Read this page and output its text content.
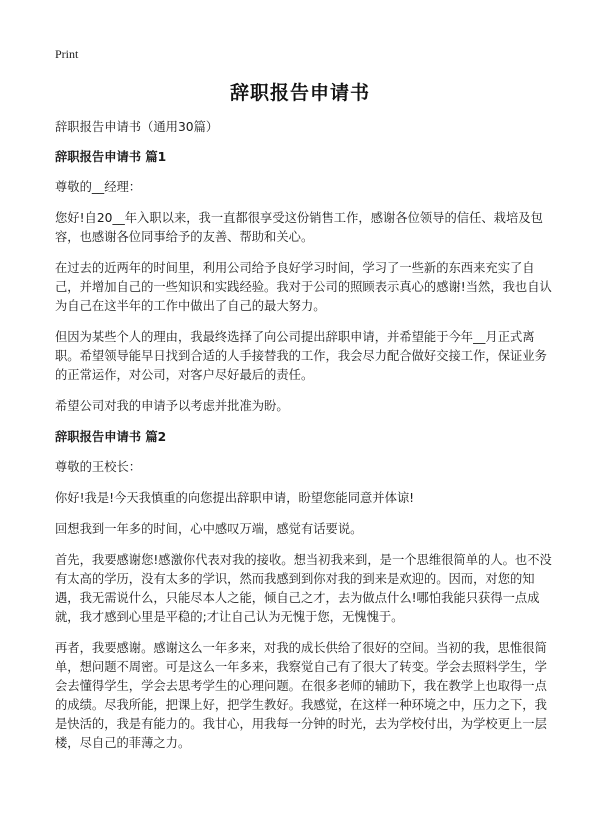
Print
辞职报告申请书

辞职报告申请书（通用30篇）

辞职报告申请书 篇1

尊敬的__经理：

您好!自20__年入职以来，我一直都很享受这份销售工作，感谢各位领导的信任、栽培及包容，也感谢各位同事给予的友善、帮助和关心。

在过去的近两年的时间里，利用公司给予良好学习时间，学习了一些新的东西来充实了自己，并增加自己的一些知识和实践经验。我对于公司的照顾表示真心的感谢!当然，我也自认为自己在这半年的工作中做出了自己的最大努力。

但因为某些个人的理由，我最终选择了向公司提出辞职申请，并希望能于今年__月正式离职。希望领导能早日找到合适的人手接替我的工作，我会尽力配合做好交接工作，保证业务的正常运作，对公司，对客户尽好最后的责任。

希望公司对我的申请予以考虑并批准为盼。

辞职报告申请书 篇2

尊敬的王校长：

你好!我是!今天我慎重的向您提出辞职申请，盼望您能同意并体谅!

回想我到一年多的时间，心中感叹万端，感觉有话要说。

首先，我要感谢您!感激你代表对我的接收。想当初我来到，是一个思维很简单的人。也不没有太高的学历，没有太多的学识，然而我感到到你对我的到来是欢迎的。因而，对您的知遇，我无需说什么，只能尽本人之能，倾自己之才，去为做点什么!哪怕我能只获得一点成就，我才感到心里是平稳的;才让自己认为无愧于您，无愧愧于。

再者，我要感谢。感谢这么一年多来，对我的成长供给了很好的空间。当初的我，思惟很简单，想问题不周密。可是这么一年多来，我察觉自己有了很大了转变。学会去照料学生，学会去懂得学生，学会去思考学生的心理问题。在很多老师的辅助下，我在教学上也取得一点的成绩。尽我所能，把课上好，把学生教好。我感觉，在这样一种环境之中，压力之下，我是快活的，我是有能力的。我甘心，用我每一分钟的时光，去为学校付出，为学校更上一层楼，尽自己的菲薄之力。
